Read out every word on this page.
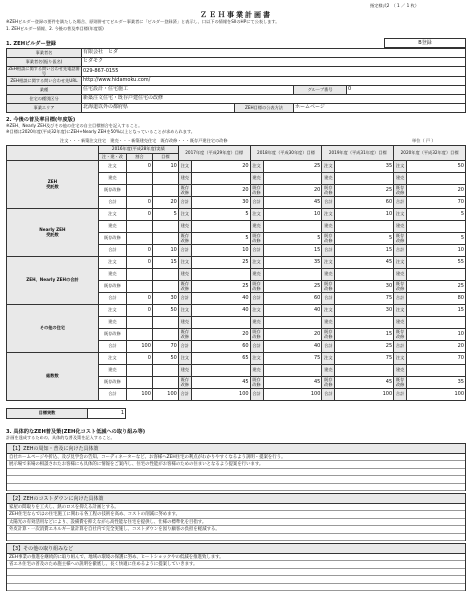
指定様式2　 （ 1 ／ 1 枚）
ＺＥＨ事業計画書
※ZEHビルダー登録の要件を満たした場合、原則併せてビルダー事業者に「ビルダー登録済」と表示し、口以下の情報をSIIのHPにて公表します。
1. ZEHビルダー情報、2. 今後の普及率目標(年度版)
1. ZEHビルダー登録	B登録
事業者名	有限会社　ヒダ			
事業者名(振り仮名)	ヒダモク			
ZEH相談に関する問い合わせ先電話番号	029-867-0155			
ZEH相談に関する問い合わせ先URL	http://www.hidamoku.com/			
業種	住宅設計・住宅施工		グループ番号	0
住宅の種別区分	新築注文住宅・既存戸建住宅の改修			
事業エリア	北海道以外の都府県	ZEH目標の公表方法	ホームページ	
2. 今後の普及率目標(年度版)
※ZEH、Nearly ZEH及びその他の住宅の自主目標割合を記入すること。
※目標は2020年度(平成32年度)にZEH+Nearly ZEHを50%以上となっていることが求められます。
注文・・・新築注文住宅　建売・・・新築建売住宅　既存改修・・・既存戸建住宅の改修	単位（ 戸 ）
	2016年度(平成28年度)実績			2017年度（平成29年度）目標		2018年度（平成30年度）目標		2019年度（平成31年度）目標		2020年度（平成32年度）目標	
	注・建・改	割合	目標								
ZEH
受託数	注文	0	10	注文	20	注文	25	注文	35	注文	50
	建売			建売		建売		建売		建売	
	既存改修			既存改修	20	既存改修	20	既存改修	25	既存改修	20
	合計	0	20	合計	30	合計	45	合計	60	合計	70
Nearly ZEH
受託数	注文	0	5	注文	5	注文	10	注文	10	注文	5
	建売			建売		建売		建売		建売	
	既存改修			既存改修	5	既存改修	5	既存改修	5	既存改修	5
	合計	0	10	合計	10	合計	15	合計	15	合計	10
ZEH、Nearly ZEHの合計	注文	0	15	注文	25	注文	35	注文	45	注文	55
	建売			建売		建売		建売		建売	
	既存改修			既存改修	25	既存改修	25	既存改修	30	既存改修	25
	合計	0	30	合計	40	合計	60	合計	75	合計	80
その他の住宅	注文	0	50	注文	40	注文	40	注文	30	注文	15
	建売			建売		建売		建売		建売	
	既存改修			既存改修	20	既存改修	20	既存改修	15	既存改修	10
	合計	100	70	合計	60	合計	40	合計	25	合計	20
総数数	注文	0	50	注文	65	注文	75	注文	75	注文	70
	建売			建売		建売		建売		建売	
	既存改修			既存改修	45	既存改修	45	既存改修	45	既存改修	35
	合計	100	100	合計	100	合計	100	合計	100	合計	100
目標実数	1
3. 具体的なZEH普及策(ZEH化コスト低減への取り組み等)
計画を達成するための、具体的な普及策を記入すること。
【1】ZEHの周知・普及に向けた具体策
自社ホームページや折込、及び見学会の告知、コーディネーターなど、お客様へZEH住宅の利点がわかりやすくなるよう説明・提案を行う。
展示場で来場の相談されたお客様にも具体的に情報をご案内し、住宅の性能がお客様のための住まいとなるよう提案を行います。
【2】ZEHのコストダウンに向けた具体策
家屋の間取りを工夫し、熱のロスを抑える計画とする。
ZEH住宅ならではの住宅施工に関わる各工程の技術を高め、コストの削減に努めます。
太陽光の有効活用などにより、設備費を抑えながら高性能な住宅を提供し、仕様の標準化を目指す。
外皮計算・一次消費エネルギー量計算を自社内で完全実施し、コストダウンを図り顧客の負担を軽減する。
【3】その他の取り組みなど
ZEH事業の推進を継続的に取り組んで、地域の環境の保護に努め、ヒートショックやの低減を推進致します。
省エネ住宅の普及のため施主様への説明を徹底し、長く快適に住めるように提案していきます。
